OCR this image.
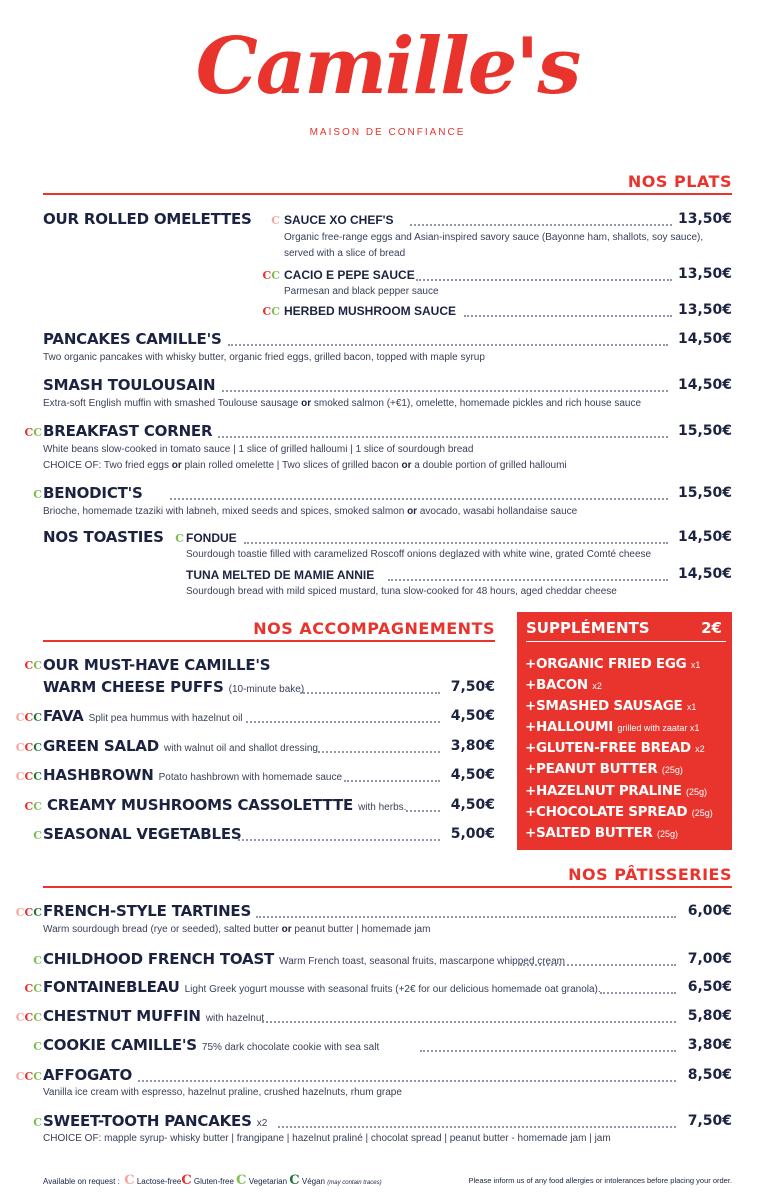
Camille's
MAISON DE CONFIANCE
NOS PLATS
OUR ROLLED OMELETTES	C SAUCE XO CHEF'S	13,50€
Organic free-range eggs and Asian-inspired savory sauce (Bayonne ham, shallots, soy sauce),
served with a slice of bread
CC CACIO E PEPE SAUCE	13,50€
Parmesan and black pepper sauce
CC HERBED MUSHROOM SAUCE	13,50€
PANCAKES CAMILLE'S	14,50€
Two organic pancakes with whisky butter, organic fried eggs, grilled bacon, topped with maple syrup
SMASH TOULOUSAIN	14,50€
Extra-soft English muffin with smashed Toulouse sausage or smoked salmon (+€1), omelette, homemade pickles and rich house sauce
CC BREAKFAST CORNER	15,50€
White beans slow-cooked in tomato sauce | 1 slice of grilled halloumi | 1 slice of sourdough bread
CHOICE OF: Two fried eggs or plain rolled omelette | Two slices of grilled bacon or a double portion of grilled halloumi
C BENODICT'S	15,50€
Brioche, homemade tzaziki with labneh, mixed seeds and spices, smoked salmon or avocado, wasabi hollandaise sauce
NOS TOASTIES	C FONDUE	14,50€
Sourdough toastie filled with caramelized Roscoff onions deglazed with white wine, grated Comté cheese
TUNA MELTED DE MAMIE ANNIE	14,50€
Sourdough bread with mild spiced mustard, tuna slow-cooked for 48 hours, aged cheddar cheese
NOS ACCOMPAGNEMENTS
CC OUR MUST-HAVE CAMILLE'S
WARM CHEESE PUFFS (10-minute bake)	7,50€
CCC FAVA Split pea hummus with hazelnut oil	4,50€
CCC GREEN SALAD with walnut oil and shallot dressing	3,80€
CCC HASHBROWN Potato hashbrown with homemade sauce	4,50€
CC CREAMY MUSHROOMS CASSOLETTTE with herbs.	4,50€
C SEASONAL VEGETABLES	5,00€
SUPPLÉMENTS	2€
+ORGANIC FRIED EGG x1
+BACON x2
+SMASHED SAUSAGE x1
+HALLOUMI grilled with zaatar x1
+GLUTEN-FREE BREAD x2
+PEANUT BUTTER (25g)
+HAZELNUT PRALINE (25g)
+CHOCOLATE SPREAD (25g)
+SALTED BUTTER (25g)
NOS PÂTISSERIES
CCC FRENCH-STYLE TARTINES	6,00€
Warm sourdough bread (rye or seeded), salted butter or peanut butter | homemade jam
C CHILDHOOD FRENCH TOAST Warm French toast, seasonal fruits, mascarpone whipped cream	7,00€
CC FONTAINEBLEAU Light Greek yogurt mousse with seasonal fruits (+2€ for our delicious homemade oat granola).	6,50€
CCC CHESTNUT MUFFIN with hazelnut	5,80€
C COOKIE CAMILLE'S 75% dark chocolate cookie with sea salt	3,80€
CCC AFFOGATO	8,50€
Vanilla ice cream with espresso, hazelnut praline, crushed hazelnuts, rhum grape
C SWEET-TOOTH PANCAKES x2	7,50€
CHOICE OF: mapple syrup- whisky butter | frangipane | hazelnut praliné | chocolat spread | peanut butter - homemade jam | jam
Available on request : C Lactose-freeC Gluten-free C Vegetarian C Végan (may contain traces)	Please inform us of any food allergies or intolerances before placing your order.
